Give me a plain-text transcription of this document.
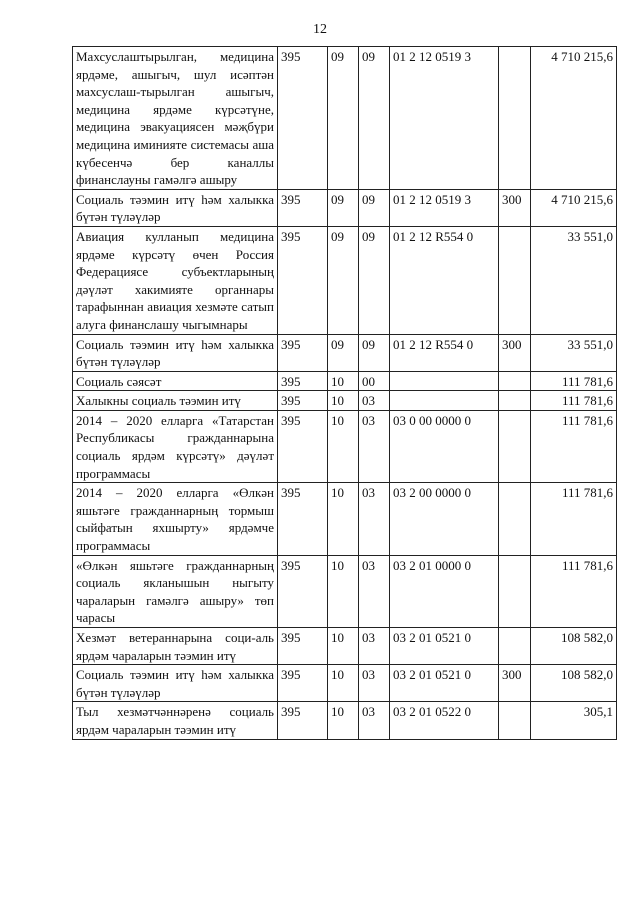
12
Махсуслаштырылган, медицина ярдәме, ашыгыч, шул исәптән махсуслаш-тырылган ашыгыч, медицина ярдәме күрсәтүне, медицина эвакуациясен мәҗбүри медицина иминияте системасы аша күбесенчә бер каналлы финанслауны гамәлгә ашыру	395	09	09	01 2 12 0519 3		4 710 215,6
Социаль тәэмин итү һәм халыкка бүтән түләүләр	395	09	09	01 2 12 0519 3	300	4 710 215,6
Авиация кулланып медицина ярдәме күрсәтү өчен Россия Федерациясе субъектларының дәүләт хакимияте органнары тарафыннан авиация хезмәте сатып алуга финанслашу чыгымнары	395	09	09	01 2 12 R554 0		33 551,0
Социаль тәэмин итү һәм халыкка бүтән түләүләр	395	09	09	01 2 12 R554 0	300	33 551,0
Социаль сәясәт	395	10	00			111 781,6
Халыкны социаль тәэмин итү	395	10	03			111 781,6
2014 – 2020 елларга «Татарстан Республикасы гражданнарына социаль ярдәм күрсәтү» дәүләт программасы	395	10	03	03 0 00 0000 0		111 781,6
2014 – 2020 елларга «Өлкән яшьтәге гражданнарның тормыш сыйфатын яхшырту» ярдәмче программасы	395	10	03	03 2 00 0000 0		111 781,6
«Өлкән яшьтәге гражданнарның социаль якланышын ныгыту чараларын гамәлгә ашыру» төп чарасы	395	10	03	03 2 01 0000 0		111 781,6
Хезмәт ветераннарына соци-аль ярдәм чараларын тәэмин итү	395	10	03	03 2 01 0521 0		108 582,0
Социаль тәэмин итү һәм халыкка бүтән түләүләр	395	10	03	03 2 01 0521 0	300	108 582,0
Тыл хезмәтчәннәренә социаль ярдәм чараларын тәэмин итү	395	10	03	03 2 01 0522 0		305,1
